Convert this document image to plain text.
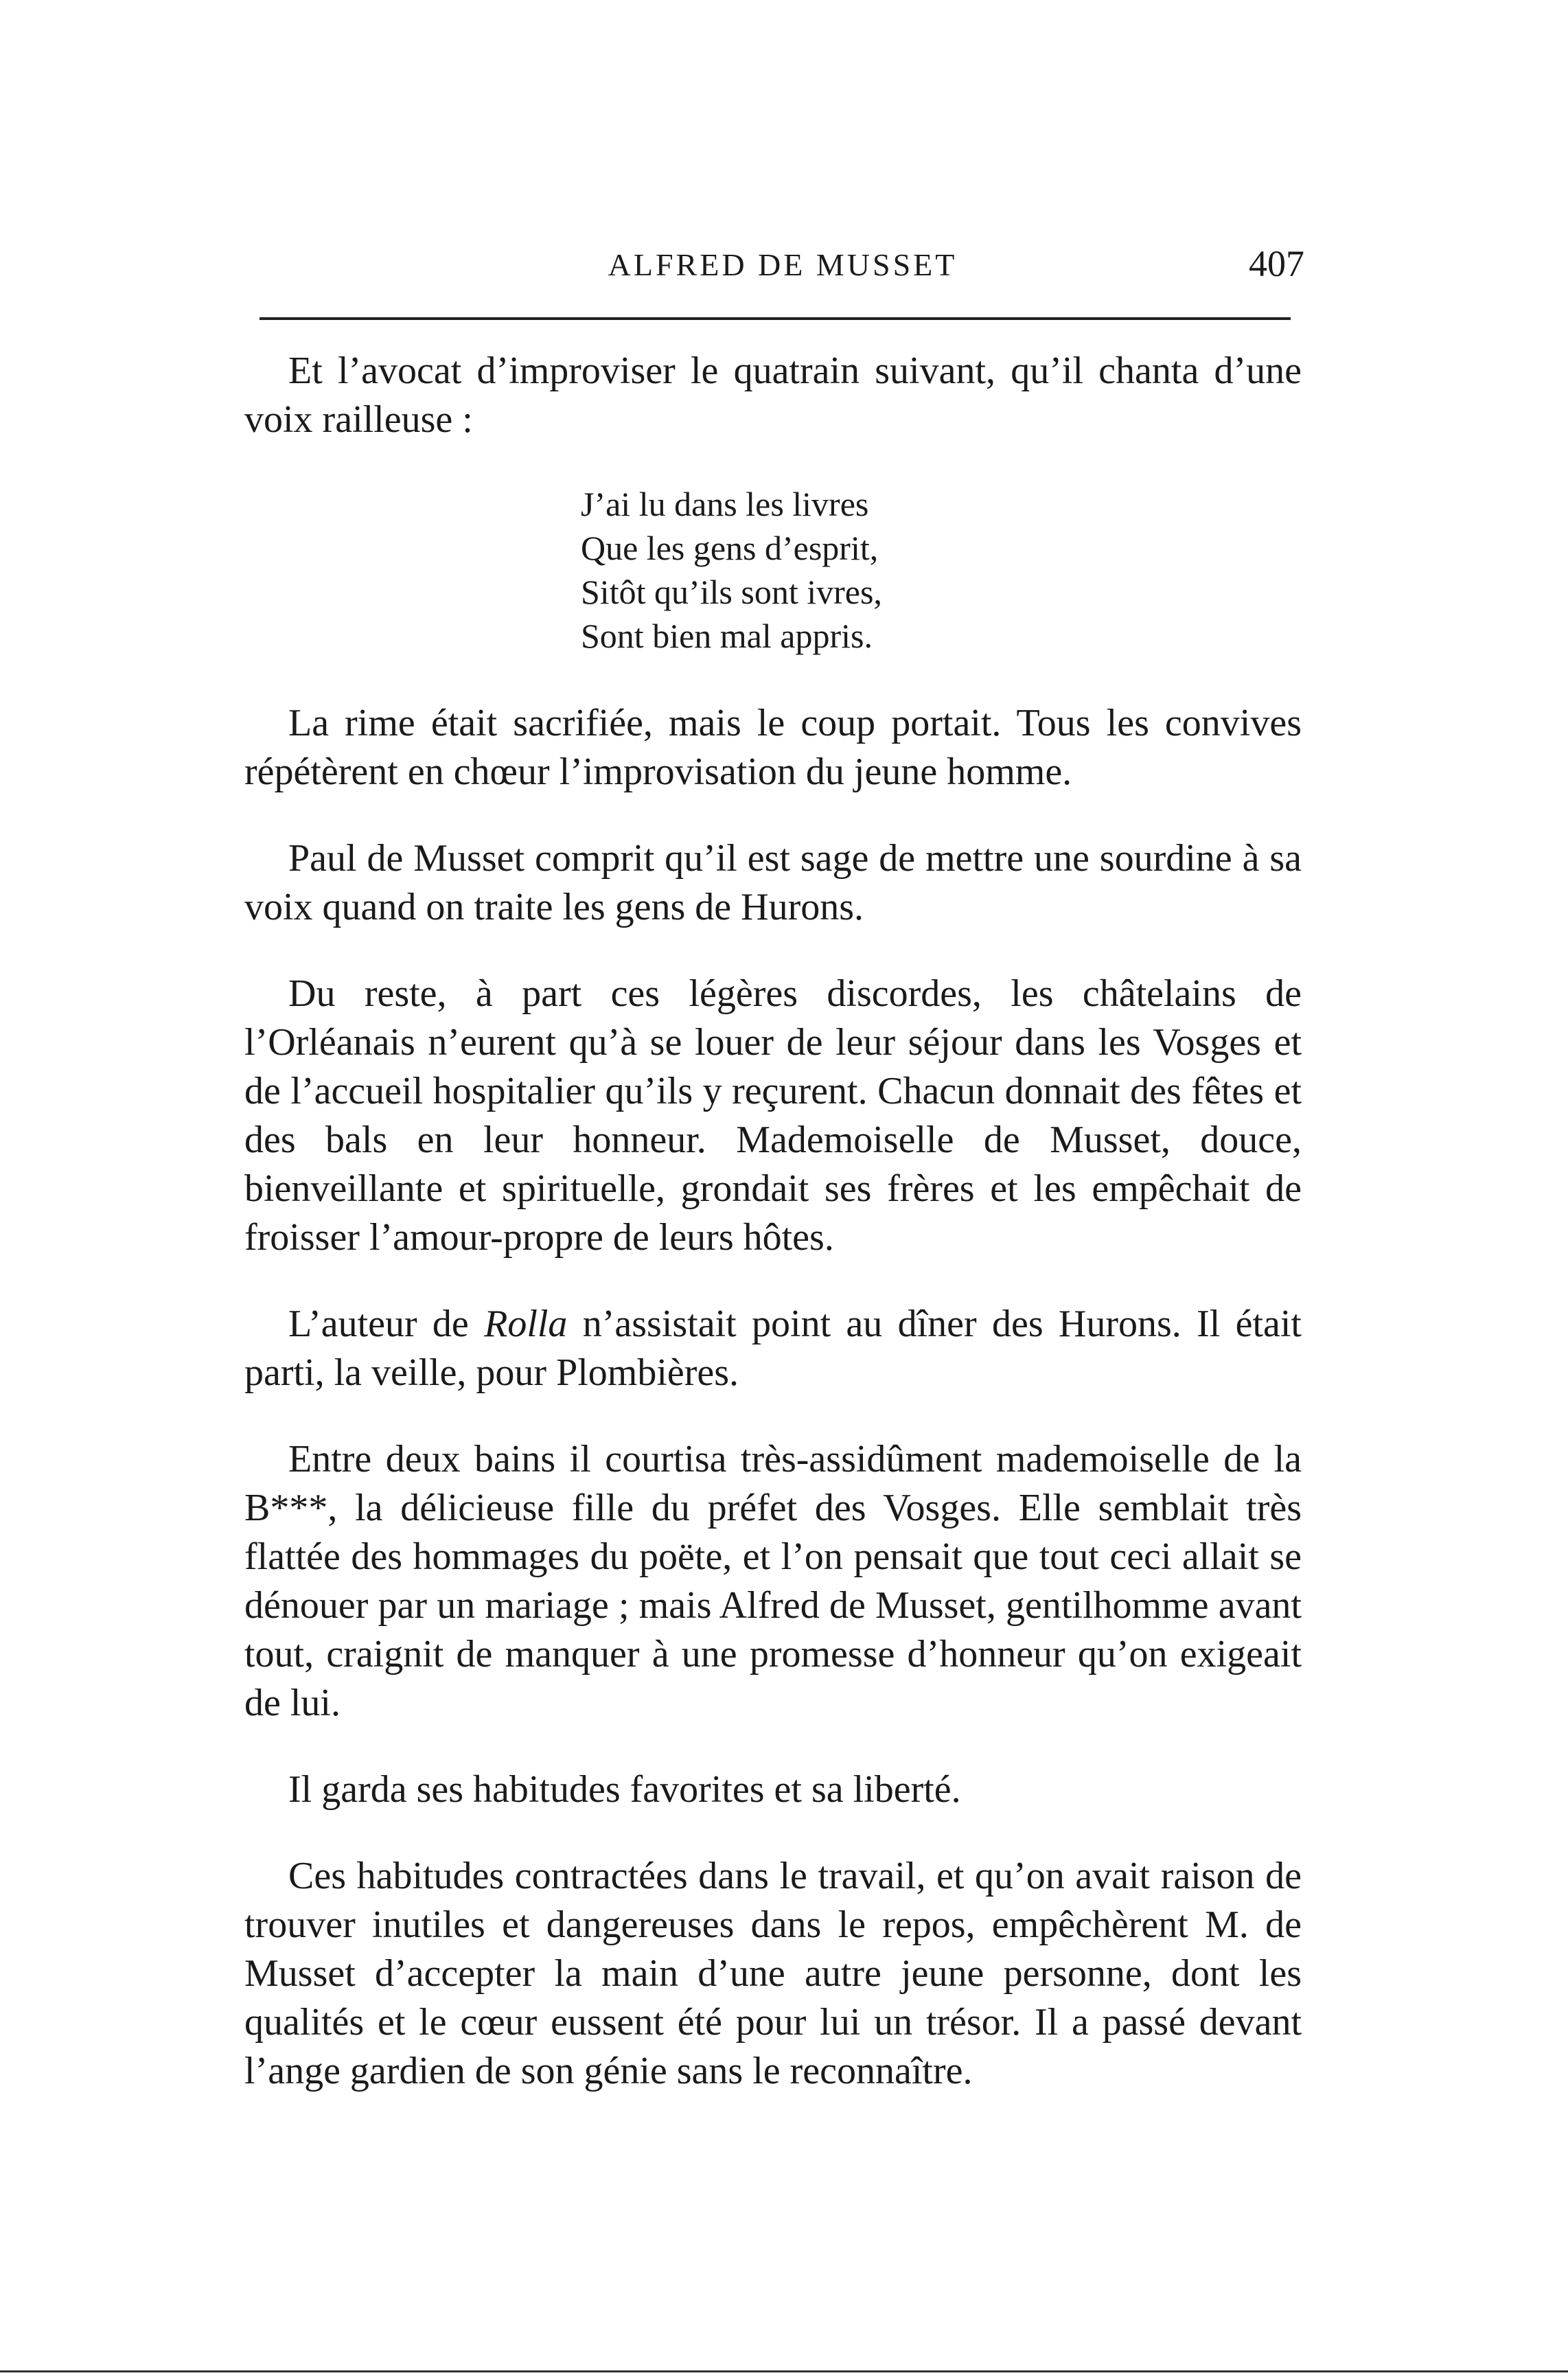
ALFRED DE MUSSET	407

Et l’avocat d’improviser le quatrain suivant, qu’il chanta d’une voix railleuse :

J’ai lu dans les livres
Que les gens d’esprit,
Sitôt qu’ils sont ivres,
Sont bien mal appris.

La rime était sacrifiée, mais le coup portait. Tous les convives répétèrent en chœur l’improvisation du jeune homme.

Paul de Musset comprit qu’il est sage de mettre une sourdine à sa voix quand on traite les gens de Hurons.

Du reste, à part ces légères discordes, les châtelains de l’Orléanais n’eurent qu’à se louer de leur séjour dans les Vosges et de l’accueil hospitalier qu’ils y reçurent. Chacun donnait des fêtes et des bals en leur honneur. Mademoiselle de Musset, douce, bienveillante et spirituelle, grondait ses frères et les empêchait de froisser l’amour-propre de leurs hôtes.

L’auteur de Rolla n’assistait point au dîner des Hurons. Il était parti, la veille, pour Plombières.

Entre deux bains il courtisa très-assidûment mademoiselle de la B***, la délicieuse fille du préfet des Vosges. Elle semblait très flattée des hommages du poëte, et l’on pensait que tout ceci allait se dénouer par un mariage ; mais Alfred de Musset, gentilhomme avant tout, craignit de manquer à une promesse d’honneur qu’on exigeait de lui.

Il garda ses habitudes favorites et sa liberté.

Ces habitudes contractées dans le travail, et qu’on avait raison de trouver inutiles et dangereuses dans le repos, empêchèrent M. de Musset d’accepter la main d’une autre jeune personne, dont les qualités et le cœur eussent été pour lui un trésor. Il a passé devant l’ange gardien de son génie sans le reconnaître.
